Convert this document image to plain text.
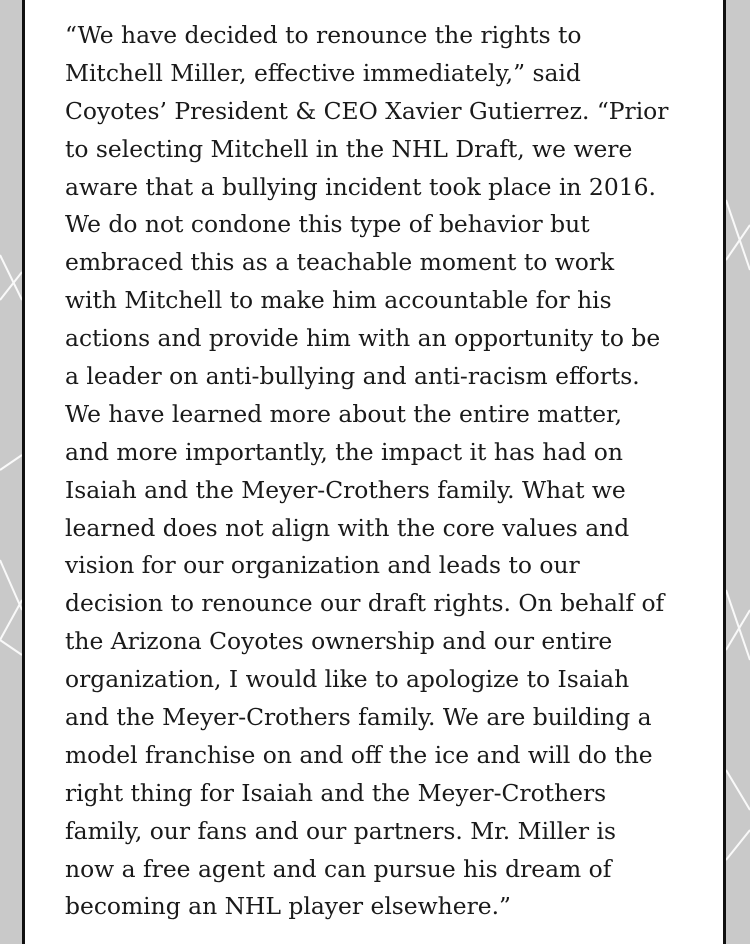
“We have decided to renounce the rights to
Mitchell Miller, effective immediately,” said
Coyotes’ President & CEO Xavier Gutierrez. “Prior
to selecting Mitchell in the NHL Draft, we were
aware that a bullying incident took place in 2016.
We do not condone this type of behavior but
embraced this as a teachable moment to work
with Mitchell to make him accountable for his
actions and provide him with an opportunity to be
a leader on anti-bullying and anti-racism efforts.
We have learned more about the entire matter,
and more importantly, the impact it has had on
Isaiah and the Meyer-Crothers family. What we
learned does not align with the core values and
vision for our organization and leads to our
decision to renounce our draft rights. On behalf of
the Arizona Coyotes ownership and our entire
organization, I would like to apologize to Isaiah
and the Meyer-Crothers family. We are building a
model franchise on and off the ice and will do the
right thing for Isaiah and the Meyer-Crothers
family, our fans and our partners. Mr. Miller is
now a free agent and can pursue his dream of
becoming an NHL player elsewhere.”
